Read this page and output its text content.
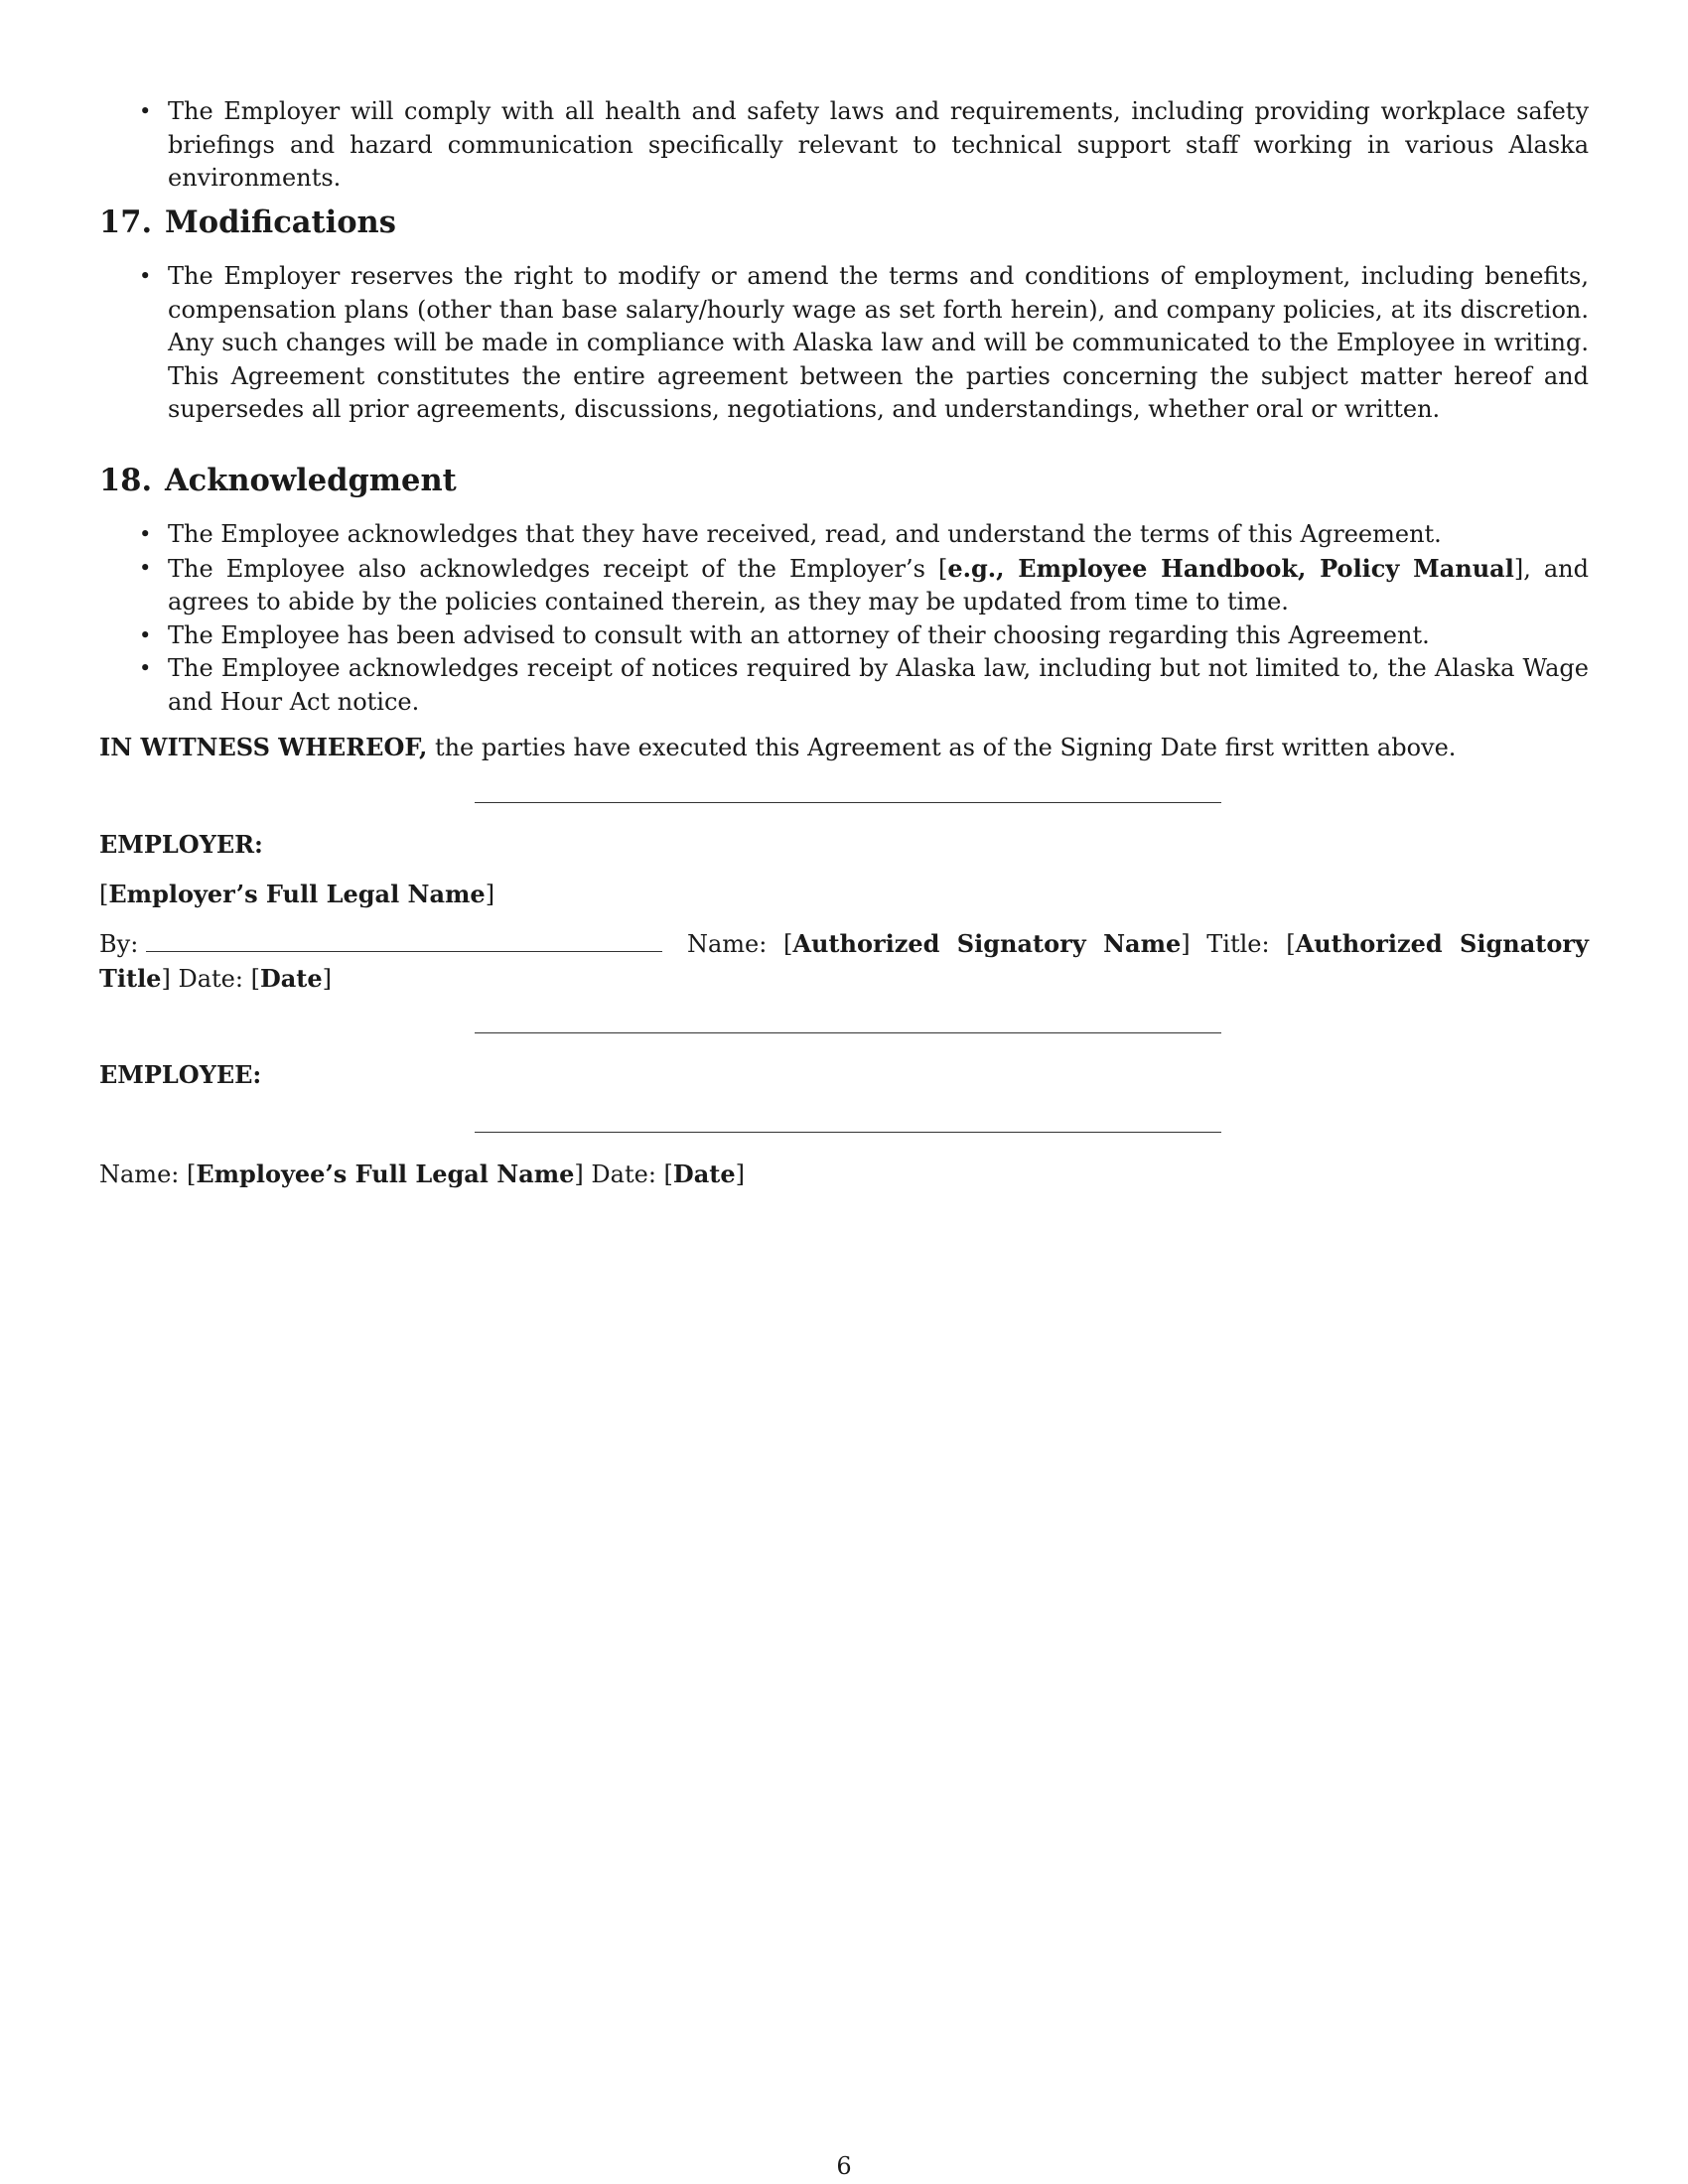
• The Employer will comply with all health and safety laws and requirements, including providing workplace safety briefings and hazard communication specifically relevant to technical support staff working in various Alaska environments.
17. Modifications
• The Employer reserves the right to modify or amend the terms and conditions of employment, including benefits, compensation plans (other than base salary/hourly wage as set forth herein), and company policies, at its discretion. Any such changes will be made in compliance with Alaska law and will be communicated to the Employee in writing. This Agreement constitutes the entire agreement between the parties concerning the subject matter hereof and supersedes all prior agreements, discussions, negotiations, and understandings, whether oral or written.
18. Acknowledgment
• The Employee acknowledges that they have received, read, and understand the terms of this Agreement.
• The Employee also acknowledges receipt of the Employer’s [e.g., Employee Handbook, Policy Manual], and agrees to abide by the policies contained therein, as they may be updated from time to time.
• The Employee has been advised to consult with an attorney of their choosing regarding this Agreement.
• The Employee acknowledges receipt of notices required by Alaska law, including but not limited to, the Alaska Wage and Hour Act notice.
IN WITNESS WHEREOF, the parties have executed this Agreement as of the Signing Date first written above.
EMPLOYER:
[Employer’s Full Legal Name]
By:	Name: [Authorized Signatory Name] Title: [Authorized Signatory Title] Date: [Date]
EMPLOYEE:
Name: [Employee’s Full Legal Name] Date: [Date]
6
